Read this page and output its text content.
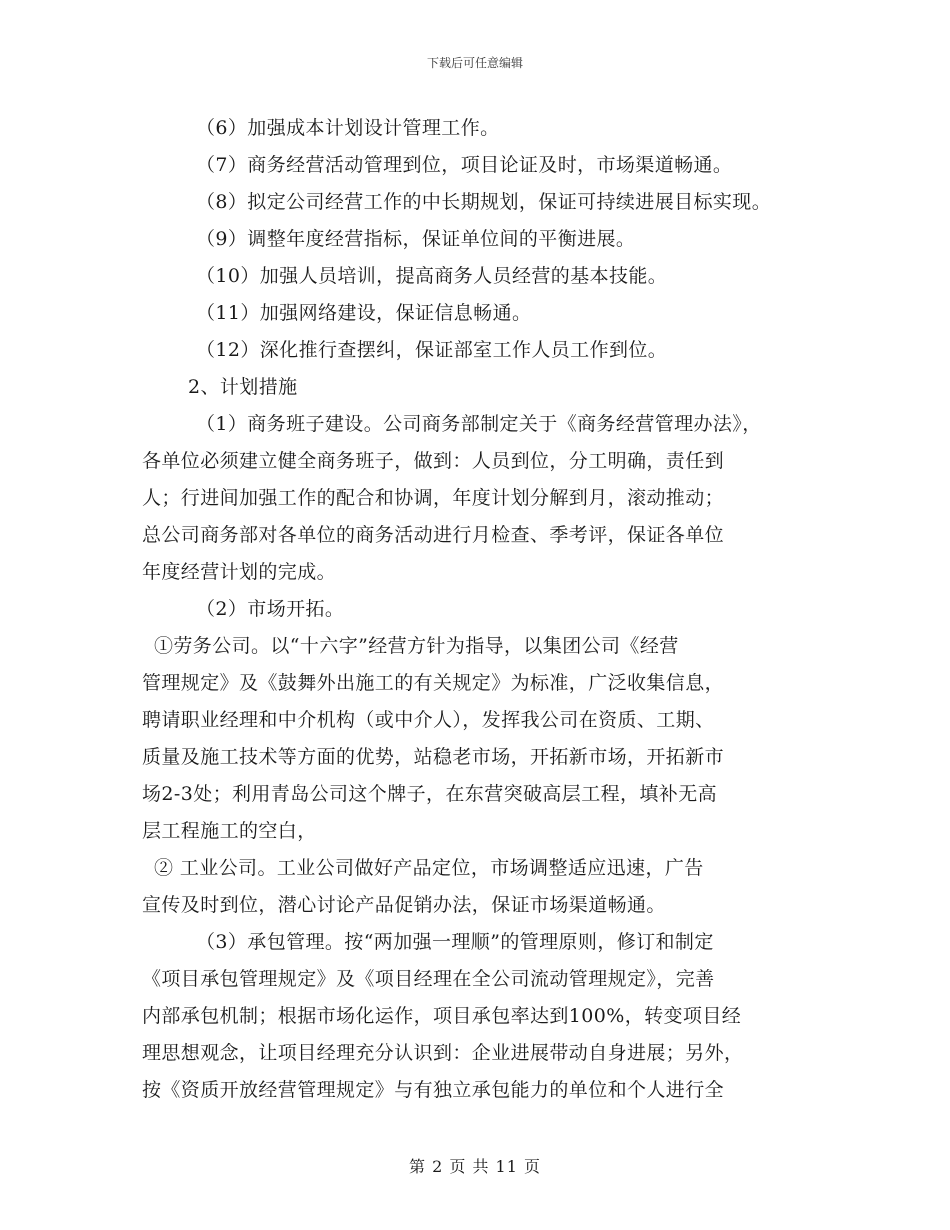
下载后可任意编辑
（6）加强成本计划设计管理工作。
（7）商务经营活动管理到位，项目论证及时，市场渠道畅通。
（8）拟定公司经营工作的中长期规划，保证可持续进展目标实现。
（9）调整年度经营指标，保证单位间的平衡进展。
（10）加强人员培训，提高商务人员经营的基本技能。
（11）加强网络建设，保证信息畅通。
（12）深化推行查摆纠，保证部室工作人员工作到位。
2、计划措施
（1）商务班子建设。公司商务部制定关于《商务经营管理办法》，
各单位必须建立健全商务班子，做到：人员到位，分工明确，责任到
人；行进间加强工作的配合和协调，年度计划分解到月，滚动推动；
总公司商务部对各单位的商务活动进行月检查、季考评，保证各单位
年度经营计划的完成。
（2）市场开拓。
①劳务公司。以“十六字”经营方针为指导，以集团公司《经营
管理规定》及《鼓舞外出施工的有关规定》为标准，广泛收集信息，
聘请职业经理和中介机构（或中介人），发挥我公司在资质、工期、
质量及施工技术等方面的优势，站稳老市场，开拓新市场，开拓新市
场2-3处；利用青岛公司这个牌子，在东营突破高层工程，填补无高
层工程施工的空白，
② 工业公司。工业公司做好产品定位，市场调整适应迅速，广告
宣传及时到位，潜心讨论产品促销办法，保证市场渠道畅通。
（3）承包管理。按“两加强一理顺”的管理原则，修订和制定
《项目承包管理规定》及《项目经理在全公司流动管理规定》，完善
内部承包机制；根据市场化运作，项目承包率达到100%，转变项目经
理思想观念，让项目经理充分认识到：企业进展带动自身进展；另外，
按《资质开放经营管理规定》与有独立承包能力的单位和个人进行全
第 2 页 共 11 页
